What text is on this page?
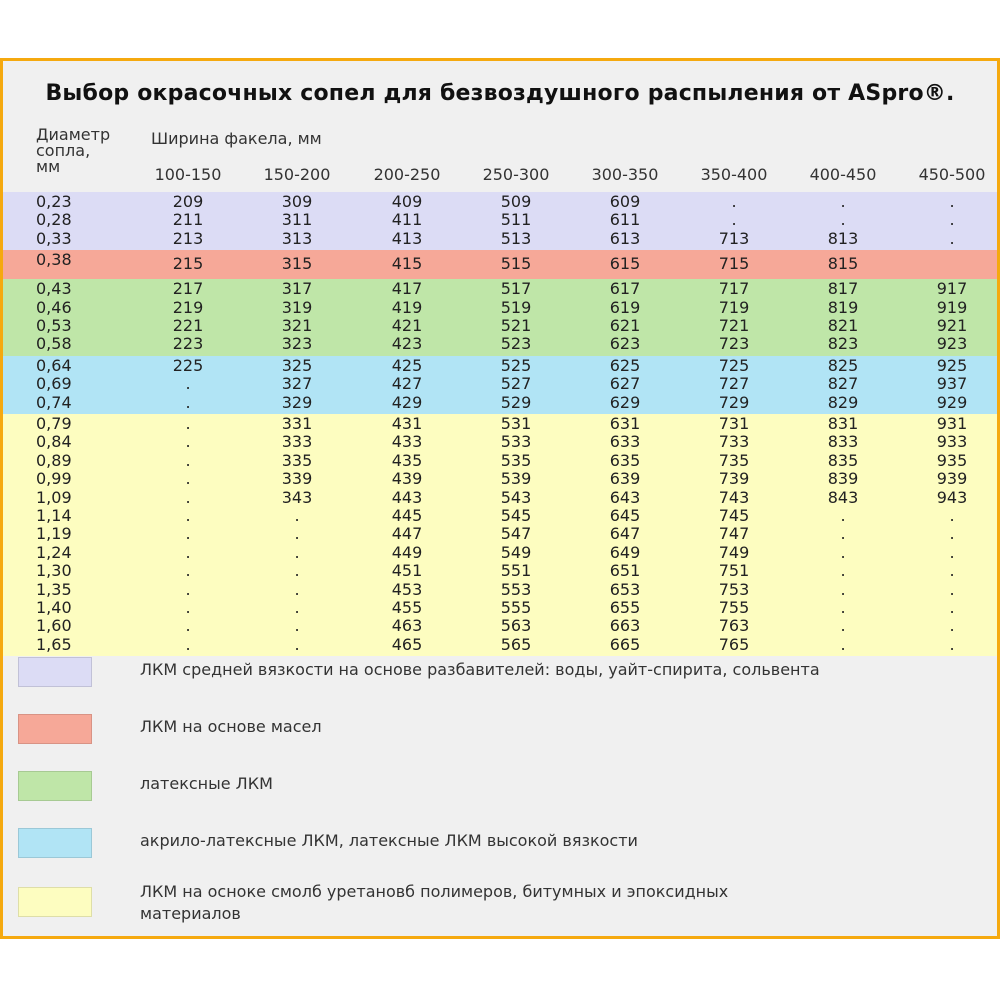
Выбор окрасочных сопел для безвоздушного распыления от ASpro®.
Диаметр
сопла,
мм
Ширина факела, мм
100-150	150-200	200-250	250-300	300-350	350-400	400-450	450-500
0,23	209	309	409	509	609	.	.	.
0,28	211	311	411	511	611	.	.	.
0,33	213	313	413	513	613	713	813	.
0,38	215	315	415	515	615	715	815
0,43	217	317	417	517	617	717	817	917
0,46	219	319	419	519	619	719	819	919
0,53	221	321	421	521	621	721	821	921
0,58	223	323	423	523	623	723	823	923
0,64	225	325	425	525	625	725	825	925
0,69	.	327	427	527	627	727	827	937
0,74	.	329	429	529	629	729	829	929
0,79	.	331	431	531	631	731	831	931
0,84	.	333	433	533	633	733	833	933
0,89	.	335	435	535	635	735	835	935
0,99	.	339	439	539	639	739	839	939
1,09	.	343	443	543	643	743	843	943
1,14	.	.	445	545	645	745	.	.
1,19	.	.	447	547	647	747	.	.
1,24	.	.	449	549	649	749	.	.
1,30	.	.	451	551	651	751	.	.
1,35	.	.	453	553	653	753	.	.
1,40	.	.	455	555	655	755	.	.
1,60	.	.	463	563	663	763	.	.
1,65	.	.	465	565	665	765	.	.
ЛКМ средней вязкости на основе разбавителей: воды, уайт-спирита, сольвента
ЛКМ на основе масел
латексные ЛКМ
акрило-латексные ЛКМ, латексные ЛКМ высокой вязкости
ЛКМ на осноке смолб уретановб полимеров, битумных и эпоксидных материалов
